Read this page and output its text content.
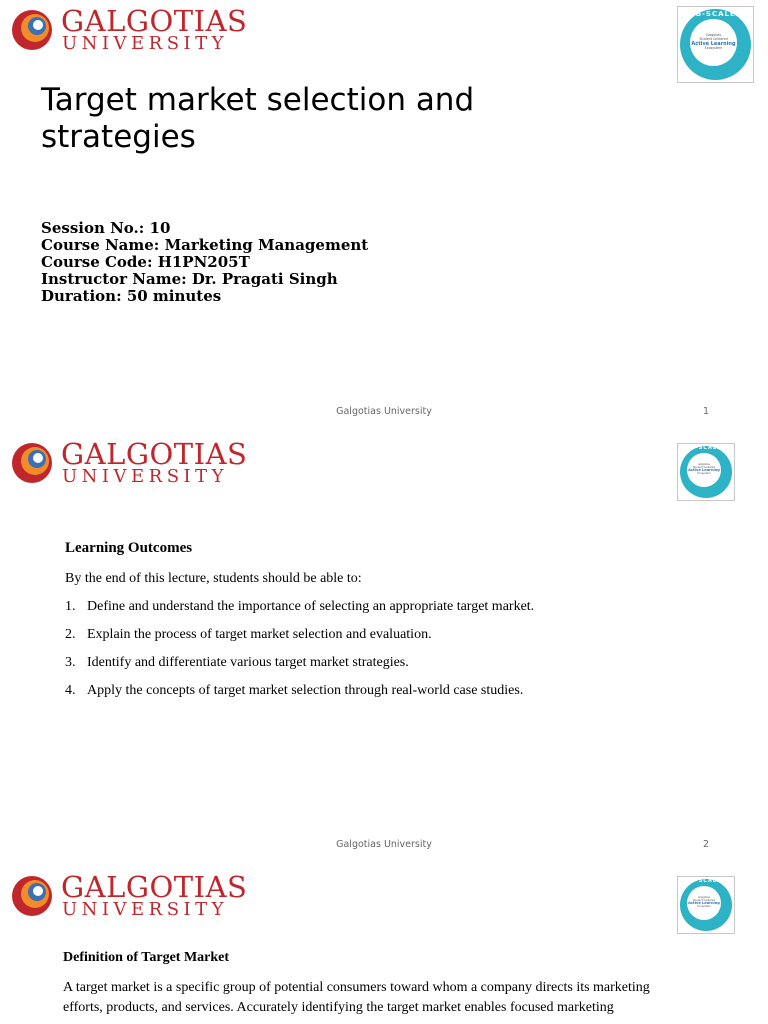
GALGOTIAS
UNIVERSITY
G-SCALE
Galgotias
Student Centered
Active Learning
Ecosystem
Target market selection and strategies
Session No.: 10
Course Name: Marketing Management
Course Code: H1PN205T
Instructor Name: Dr. Pragati Singh
Duration: 50 minutes
Galgotias University	1
GALGOTIAS
UNIVERSITY
G-SCALE
Galgotias
Student Centered
Active Learning
Ecosystem
Learning Outcomes
By the end of this lecture, students should be able to:
1. Define and understand the importance of selecting an appropriate target market.
2. Explain the process of target market selection and evaluation.
3. Identify and differentiate various target market strategies.
4. Apply the concepts of target market selection through real-world case studies.
Galgotias University	2
GALGOTIAS
UNIVERSITY
G-SCALE
Galgotias
Student Centered
Active Learning
Ecosystem
Definition of Target Market

A target market is a specific group of potential consumers toward whom a company directs its marketing efforts, products, and services. Accurately identifying the target market enables focused marketing
